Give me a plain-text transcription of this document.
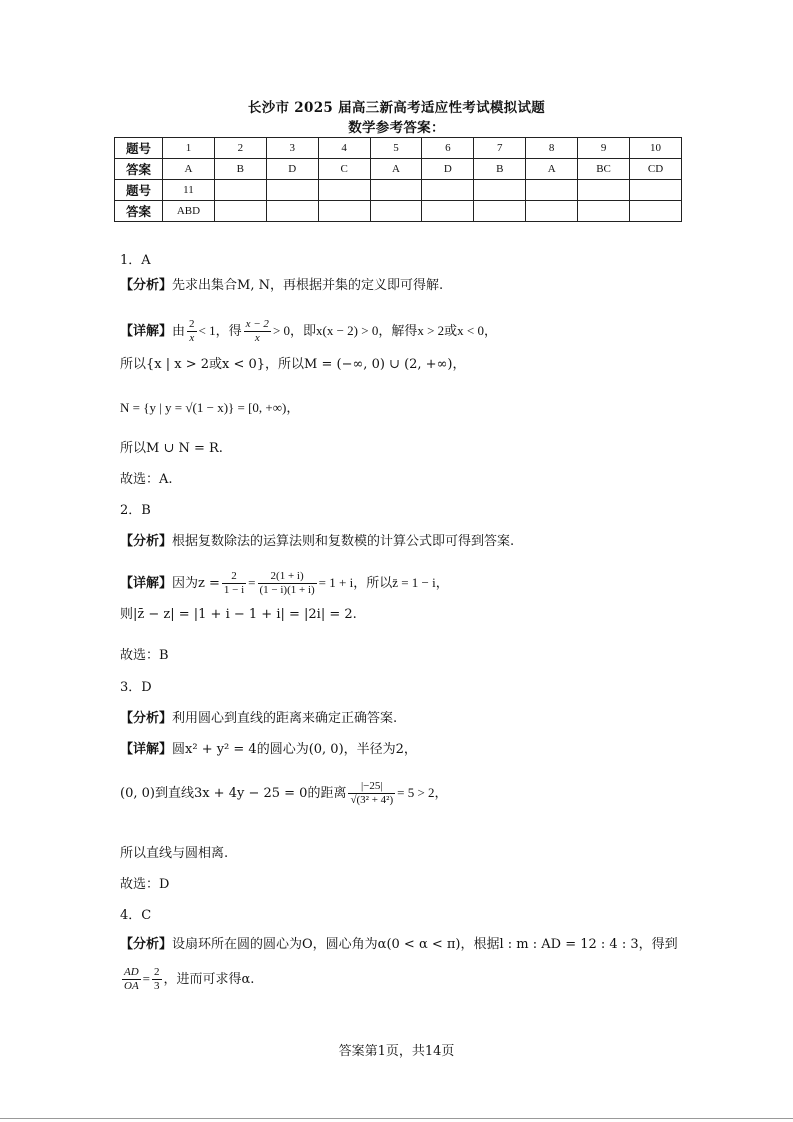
长沙市 2025 届高三新高考适应性考试模拟试题
数学参考答案：
题号	1	2	3	4	5	6	7	8	9	10
答案	A	B	D	C	A	D	B	A	BC	CD
题号	11									
答案	ABD									
1．A
【分析】先求出集合M, N，再根据并集的定义即可得解.
【详解】由 $\frac{2}{x} < 1$，得 $\frac{x - 2}{x} > 0$，即x(x − 2) > 0，解得x > 2或x < 0，
所以{x | x > 2或x < 0}，所以M = (−∞, 0) ∪ (2, +∞)，
N = {y | y = √(1 − x)} = [0, +∞)，
所以M ∪ N = R.
故选：A.
2．B
【分析】根据复数除法的运算法则和复数模的计算公式即可得到答案.
【详解】因为$z = \frac{2}{1 - i} = \frac{2(1 + i)}{(1 - i)(1 + i)} = 1 + i$，所以z̄ = 1 − i，
则|z̄ − z| = |1 + i − 1 + i| = |2i| = 2.
故选：B
3．D
【分析】利用圆心到直线的距离来确定正确答案.
【详解】圆x² + y² = 4的圆心为(0, 0)，半径为2，
(0, 0)到直线3x + 4y − 25 = 0的距离 $\frac{|-25|}{\text{√(3² + 4²)}} = 5 > 2$，
所以直线与圆相离.
故选：D
4．C
【分析】设扇环所在圆的圆心为O，圆心角为α(0 < α < π)，根据l : m : AD = 12 : 4 : 3，得到
$\frac{AD}{OA} = \frac{2}{3}$ ，进而可求得α.
答案第1页，共14页
